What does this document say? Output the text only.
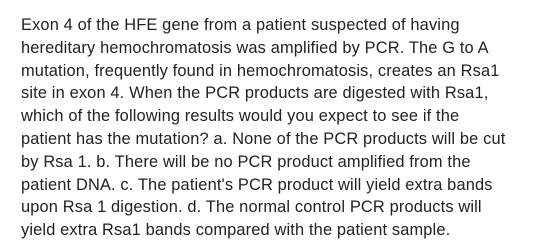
Exon 4 of the HFE gene from a patient suspected of having
hereditary hemochromatosis was amplified by PCR. The G to A
mutation, frequently found in hemochromatosis, creates an Rsa1
site in exon 4. When the PCR products are digested with Rsa1,
which of the following results would you expect to see if the
patient has the mutation? a. None of the PCR products will be cut
by Rsa 1. b. There will be no PCR product amplified from the
patient DNA. c. The patient's PCR product will yield extra bands
upon Rsa 1 digestion. d. The normal control PCR products will
yield extra Rsa1 bands compared with the patient sample.
